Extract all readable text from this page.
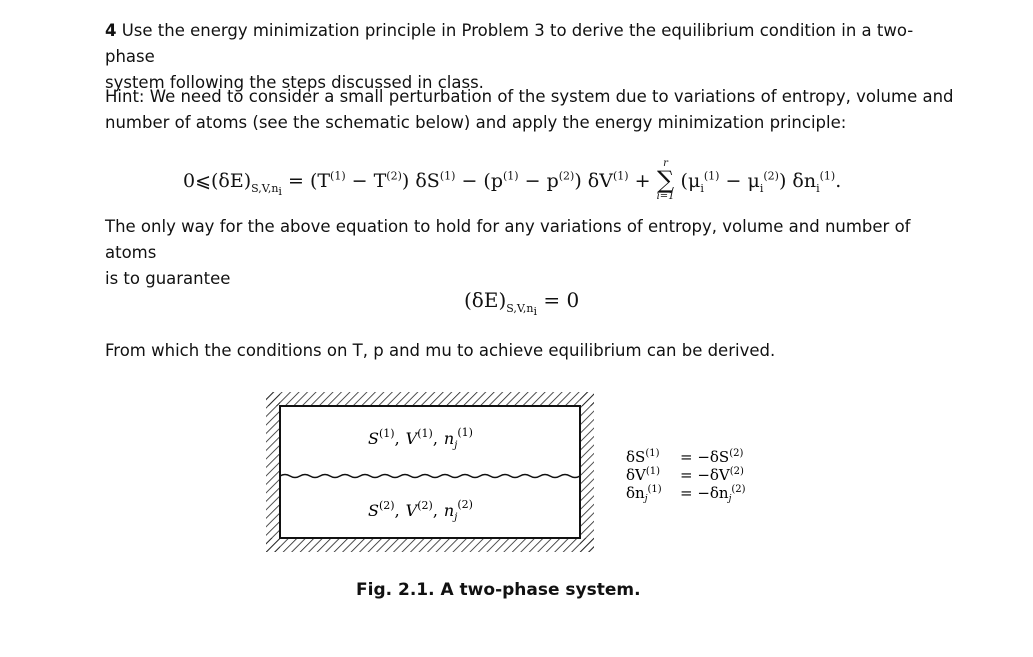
4 Use the energy minimization principle in Problem 3 to derive the equilibrium condition in a two-phase
system following the steps discussed in class.
Hint: We need to consider a small perturbation of the system due to variations of entropy, volume and
number of atoms (see the schematic below) and apply the energy minimization principle:
$0⩽(\delta E)_{S,V,n_i} = (T^{(1)} - T^{(2)}) \delta S^{(1)} - (p^{(1)} - p^{(2)}) \delta V^{(1)}$ +
r
∑
i=1
$(\mu_i^{(1)} - \mu_i^{(2)})$ $\delta n_i^{(1)}$.
The only way for the above equation to hold for any variations of entropy, volume and number of atoms
is to guarantee
$(\delta E)_{S,V,n_i} = 0$
From which the conditions on T, p and mu to achieve equilibrium can be derived.
$S^{(1)}$, $V^{(1)}$, $n_j^{(1)}$
$S^{(2)}$, $V^{(2)}$, $n_j^{(2)}$
$\delta S^{(1)} = -\delta S^{(2)}$
$\delta V^{(1)} = -\delta V^{(2)}$
$\delta n_j^{(1)} = -\delta n_j^{(2)}$
Fig. 2.1. A two-phase system.
